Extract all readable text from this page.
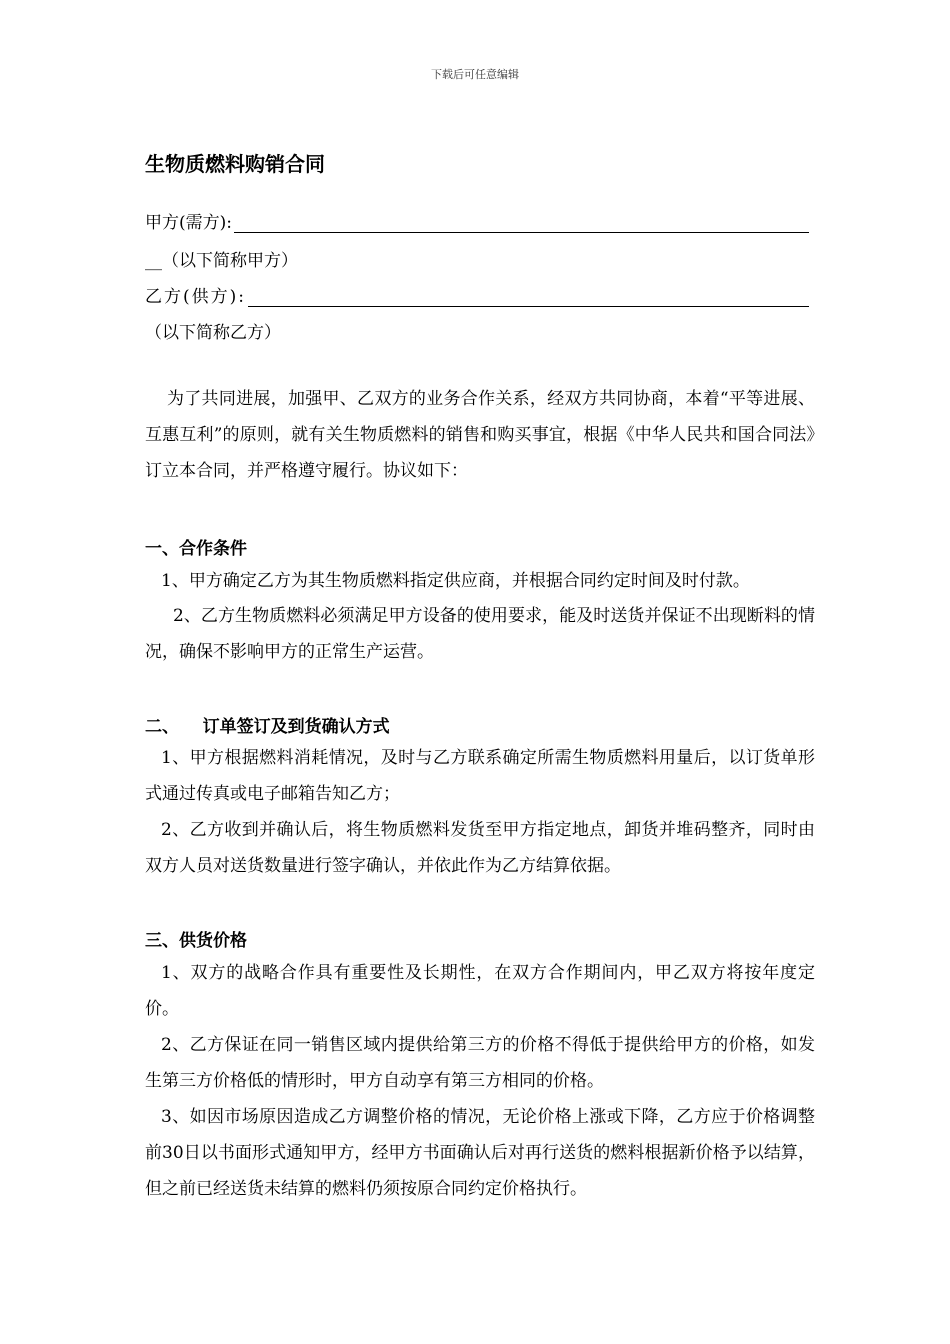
下载后可任意编辑
生物质燃料购销合同
甲方(需方):
__（以下简称甲方）
乙方(供方):
（以下简称乙方）
为了共同进展，加强甲、乙双方的业务合作关系，经双方共同协商，本着“平等进展、互惠互利”的原则，就有关生物质燃料的销售和购买事宜，根据《中华人民共和国合同法》订立本合同，并严格遵守履行。协议如下：
一、合作条件
1、甲方确定乙方为其生物质燃料指定供应商，并根据合同约定时间及时付款。
2、乙方生物质燃料必须满足甲方设备的使用要求，能及时送货并保证不出现断料的情况，确保不影响甲方的正常生产运营。
二、    订单签订及到货确认方式
1、甲方根据燃料消耗情况，及时与乙方联系确定所需生物质燃料用量后，以订货单形式通过传真或电子邮箱告知乙方；
2、乙方收到并确认后，将生物质燃料发货至甲方指定地点，卸货并堆码整齐，同时由双方人员对送货数量进行签字确认，并依此作为乙方结算依据。
三、供货价格
1、双方的战略合作具有重要性及长期性，在双方合作期间内，甲乙双方将按年度定价。
2、乙方保证在同一销售区域内提供给第三方的价格不得低于提供给甲方的价格，如发生第三方价格低的情形时，甲方自动享有第三方相同的价格。
3、如因市场原因造成乙方调整价格的情况，无论价格上涨或下降，乙方应于价格调整前30日以书面形式通知甲方，经甲方书面确认后对再行送货的燃料根据新价格予以结算，但之前已经送货未结算的燃料仍须按原合同约定价格执行。
